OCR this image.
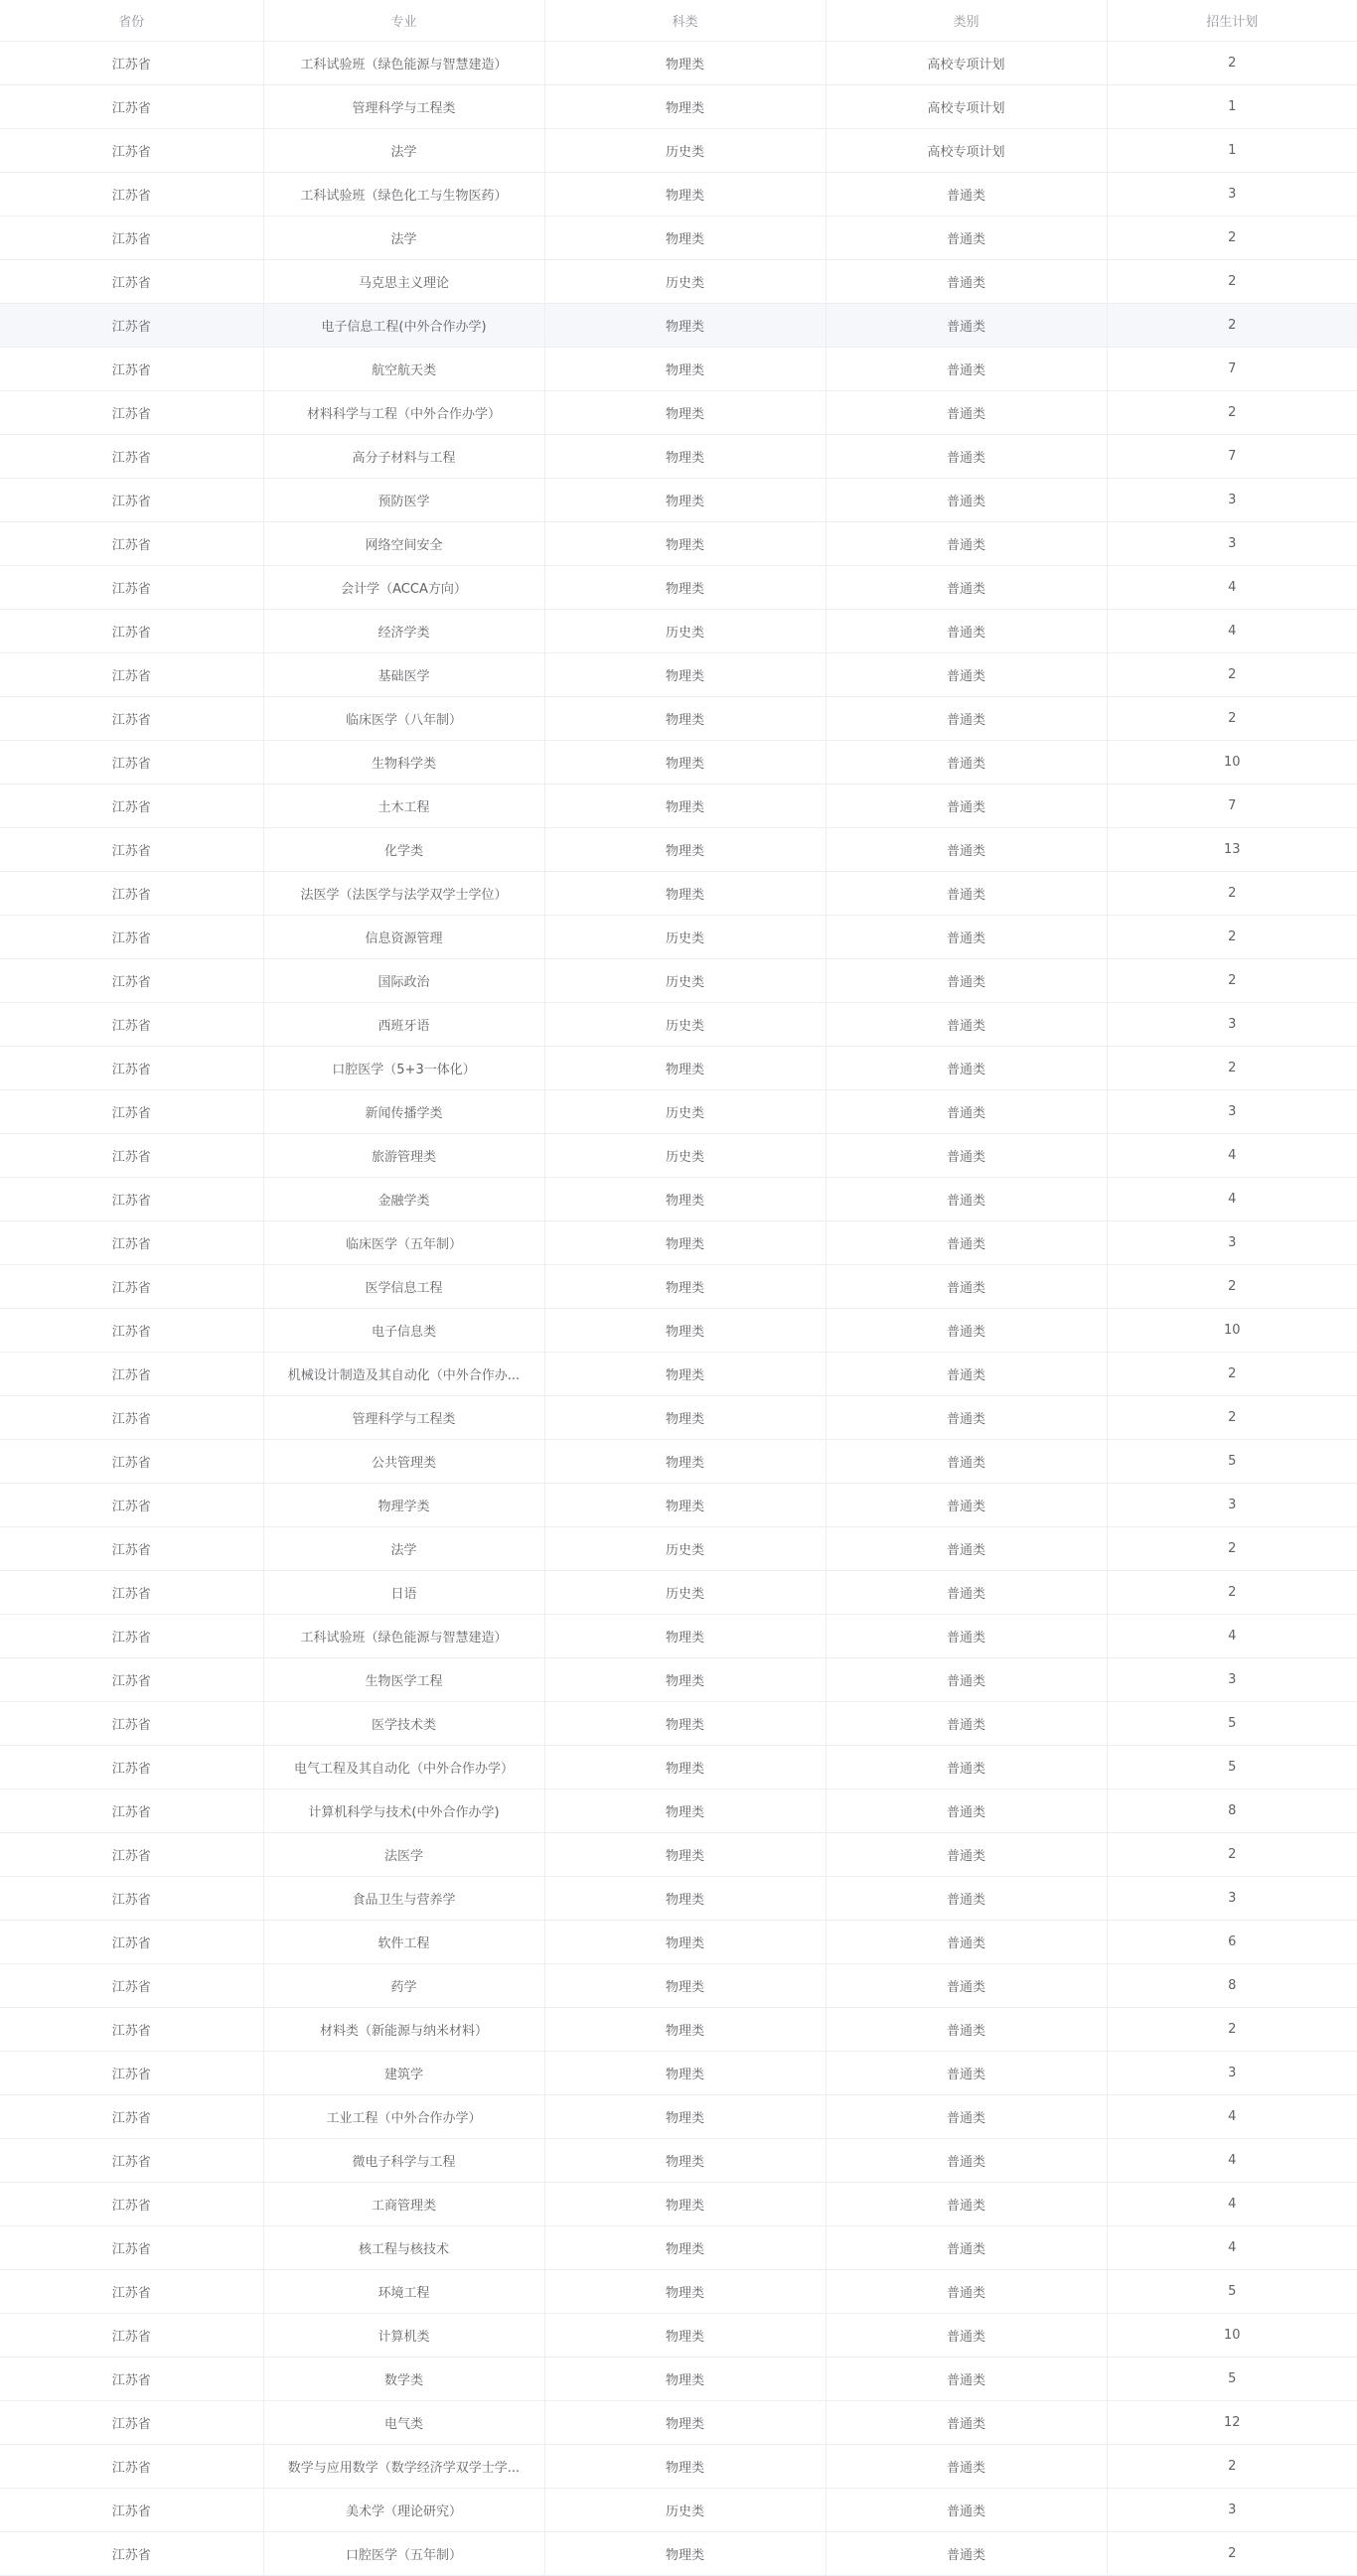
省份	专业	科类	类别	招生计划
江苏省	工科试验班（绿色能源与智慧建造）	物理类	高校专项计划	2
江苏省	管理科学与工程类	物理类	高校专项计划	1
江苏省	法学	历史类	高校专项计划	1
江苏省	工科试验班（绿色化工与生物医药）	物理类	普通类	3
江苏省	法学	物理类	普通类	2
江苏省	马克思主义理论	历史类	普通类	2
江苏省	电子信息工程(中外合作办学)	物理类	普通类	2
江苏省	航空航天类	物理类	普通类	7
江苏省	材料科学与工程（中外合作办学）	物理类	普通类	2
江苏省	高分子材料与工程	物理类	普通类	7
江苏省	预防医学	物理类	普通类	3
江苏省	网络空间安全	物理类	普通类	3
江苏省	会计学（ACCA方向）	物理类	普通类	4
江苏省	经济学类	历史类	普通类	4
江苏省	基础医学	物理类	普通类	2
江苏省	临床医学（八年制）	物理类	普通类	2
江苏省	生物科学类	物理类	普通类	10
江苏省	土木工程	物理类	普通类	7
江苏省	化学类	物理类	普通类	13
江苏省	法医学（法医学与法学双学士学位）	物理类	普通类	2
江苏省	信息资源管理	历史类	普通类	2
江苏省	国际政治	历史类	普通类	2
江苏省	西班牙语	历史类	普通类	3
江苏省	口腔医学（5+3一体化）	物理类	普通类	2
江苏省	新闻传播学类	历史类	普通类	3
江苏省	旅游管理类	历史类	普通类	4
江苏省	金融学类	物理类	普通类	4
江苏省	临床医学（五年制）	物理类	普通类	3
江苏省	医学信息工程	物理类	普通类	2
江苏省	电子信息类	物理类	普通类	10
江苏省	机械设计制造及其自动化（中外合作办...	物理类	普通类	2
江苏省	管理科学与工程类	物理类	普通类	2
江苏省	公共管理类	物理类	普通类	5
江苏省	物理学类	物理类	普通类	3
江苏省	法学	历史类	普通类	2
江苏省	日语	历史类	普通类	2
江苏省	工科试验班（绿色能源与智慧建造）	物理类	普通类	4
江苏省	生物医学工程	物理类	普通类	3
江苏省	医学技术类	物理类	普通类	5
江苏省	电气工程及其自动化（中外合作办学）	物理类	普通类	5
江苏省	计算机科学与技术(中外合作办学)	物理类	普通类	8
江苏省	法医学	物理类	普通类	2
江苏省	食品卫生与营养学	物理类	普通类	3
江苏省	软件工程	物理类	普通类	6
江苏省	药学	物理类	普通类	8
江苏省	材料类（新能源与纳米材料）	物理类	普通类	2
江苏省	建筑学	物理类	普通类	3
江苏省	工业工程（中外合作办学）	物理类	普通类	4
江苏省	微电子科学与工程	物理类	普通类	4
江苏省	工商管理类	物理类	普通类	4
江苏省	核工程与核技术	物理类	普通类	4
江苏省	环境工程	物理类	普通类	5
江苏省	计算机类	物理类	普通类	10
江苏省	数学类	物理类	普通类	5
江苏省	电气类	物理类	普通类	12
江苏省	数学与应用数学（数学经济学双学士学...	物理类	普通类	2
江苏省	美术学（理论研究）	历史类	普通类	3
江苏省	口腔医学（五年制）	物理类	普通类	2
